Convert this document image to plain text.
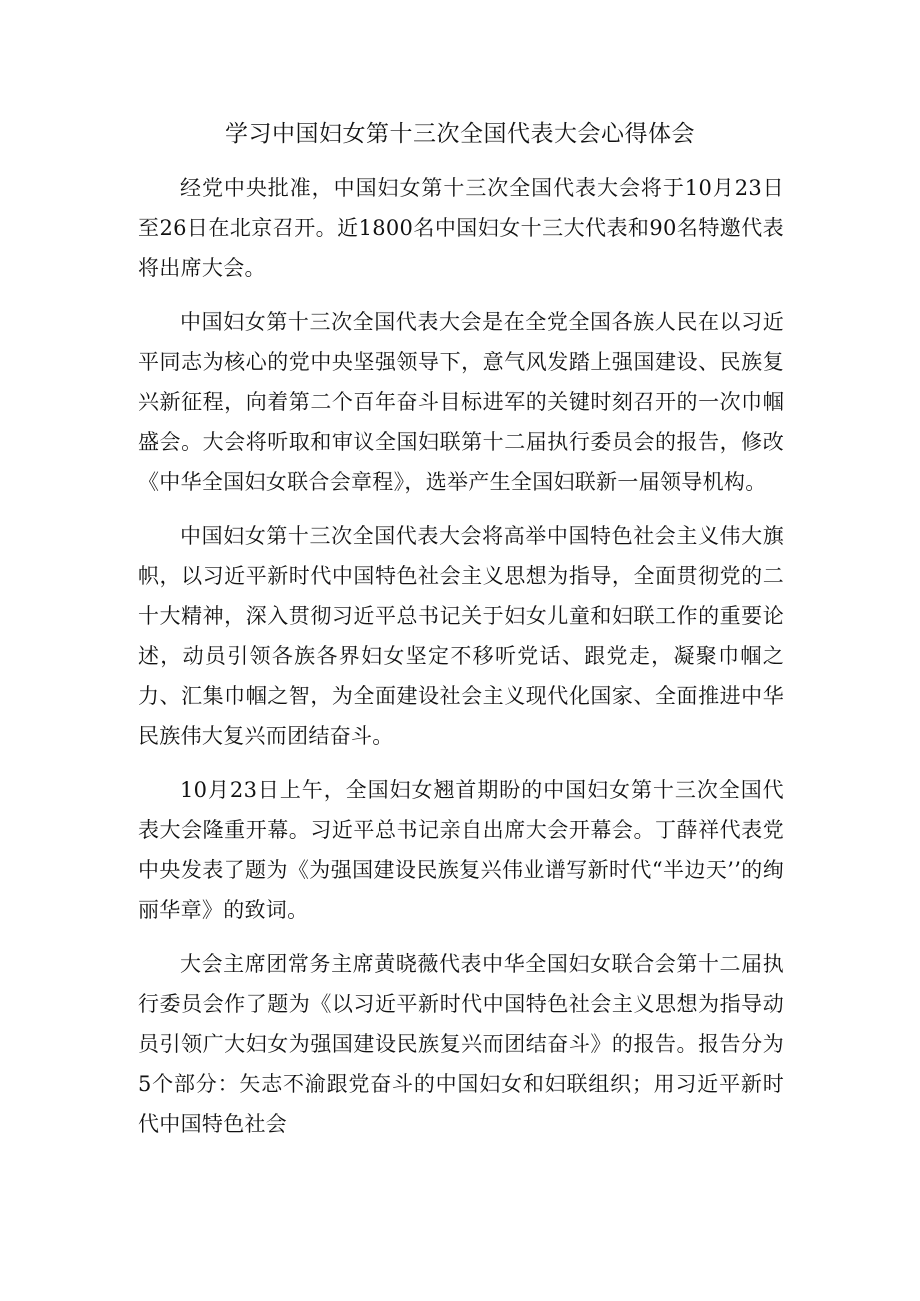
学习中国妇女第十三次全国代表大会心得体会

经党中央批准，中国妇女第十三次全国代表大会将于10月23日至26日在北京召开。近1800名中国妇女十三大代表和90名特邀代表将出席大会。

中国妇女第十三次全国代表大会是在全党全国各族人民在以习近平同志为核心的党中央坚强领导下，意气风发踏上强国建设、民族复兴新征程，向着第二个百年奋斗目标进军的关键时刻召开的一次巾帼盛会。大会将听取和审议全国妇联第十二届执行委员会的报告，修改《中华全国妇女联合会章程》，选举产生全国妇联新一届领导机构。

中国妇女第十三次全国代表大会将高举中国特色社会主义伟大旗帜，以习近平新时代中国特色社会主义思想为指导，全面贯彻党的二十大精神，深入贯彻习近平总书记关于妇女儿童和妇联工作的重要论述，动员引领各族各界妇女坚定不移听党话、跟党走，凝聚巾帼之力、汇集巾帼之智，为全面建设社会主义现代化国家、全面推进中华民族伟大复兴而团结奋斗。

10月23日上午，全国妇女翘首期盼的中国妇女第十三次全国代表大会隆重开幕。习近平总书记亲自出席大会开幕会。丁薛祥代表党中央发表了题为《为强国建设民族复兴伟业谱写新时代“半边天’’的绚丽华章》的致词。

大会主席团常务主席黄晓薇代表中华全国妇女联合会第十二届执行委员会作了题为《以习近平新时代中国特色社会主义思想为指导动员引领广大妇女为强国建设民族复兴而团结奋斗》的报告。报告分为5个部分：矢志不渝跟党奋斗的中国妇女和妇联组织；用习近平新时代中国特色社会
